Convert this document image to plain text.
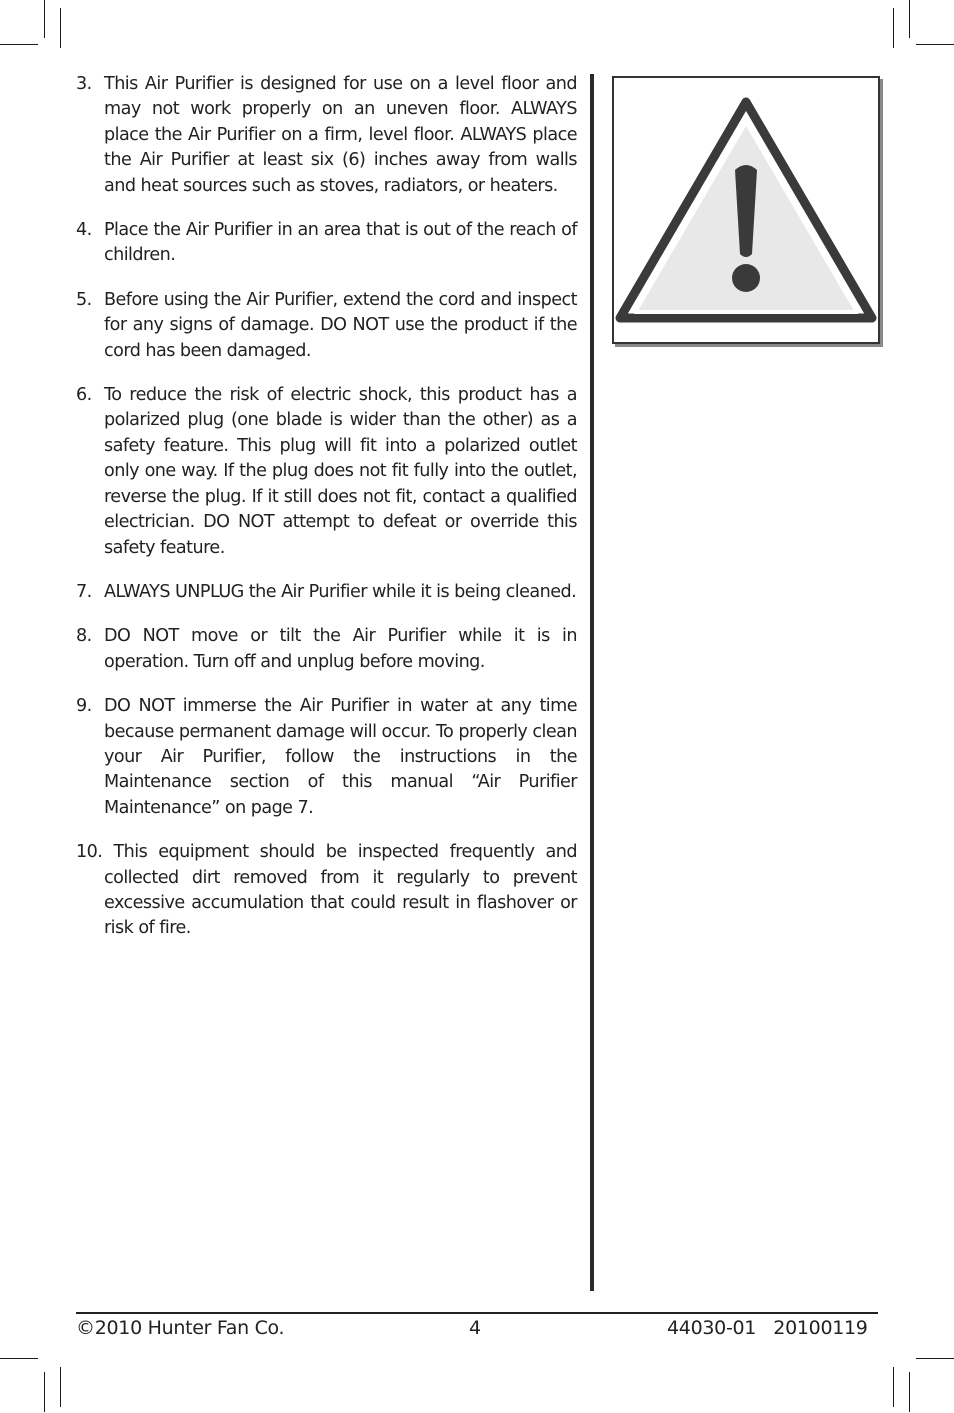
3. This Air Purifier is designed for use on a level floor and may not work properly on an uneven floor. ALWAYS place the Air Purifier on a firm, level floor. ALWAYS place the Air Purifier at least six (6) inches away from walls and heat sources such as stoves, radiators, or heaters.
4. Place the Air Purifier in an area that is out of the reach of children.
5. Before using the Air Purifier, extend the cord and inspect for any signs of damage. DO NOT use the product if the cord has been damaged.
6. To reduce the risk of electric shock, this product has a polarized plug (one blade is wider than the other) as a safety feature. This plug will fit into a polarized outlet only one way. If the plug does not fit fully into the outlet, reverse the plug. If it still does not fit, contact a qualified electrician. DO NOT attempt to defeat or override this safety feature.
7. ALWAYS UNPLUG the Air Purifier while it is being cleaned.
8. DO NOT move or tilt the Air Purifier while it is in operation. Turn off and unplug before moving.
9. DO NOT immerse the Air Purifier in water at any time because permanent damage will occur. To properly clean your Air Purifier, follow the instructions in the Maintenance section of this manual “Air Purifier Maintenance” on page 7.
10. This equipment should be inspected frequently and collected dirt removed from it regularly to prevent excessive accumulation that could result in flashover or risk of fire.
©2010 Hunter Fan Co.	4	44030-01   20100119
